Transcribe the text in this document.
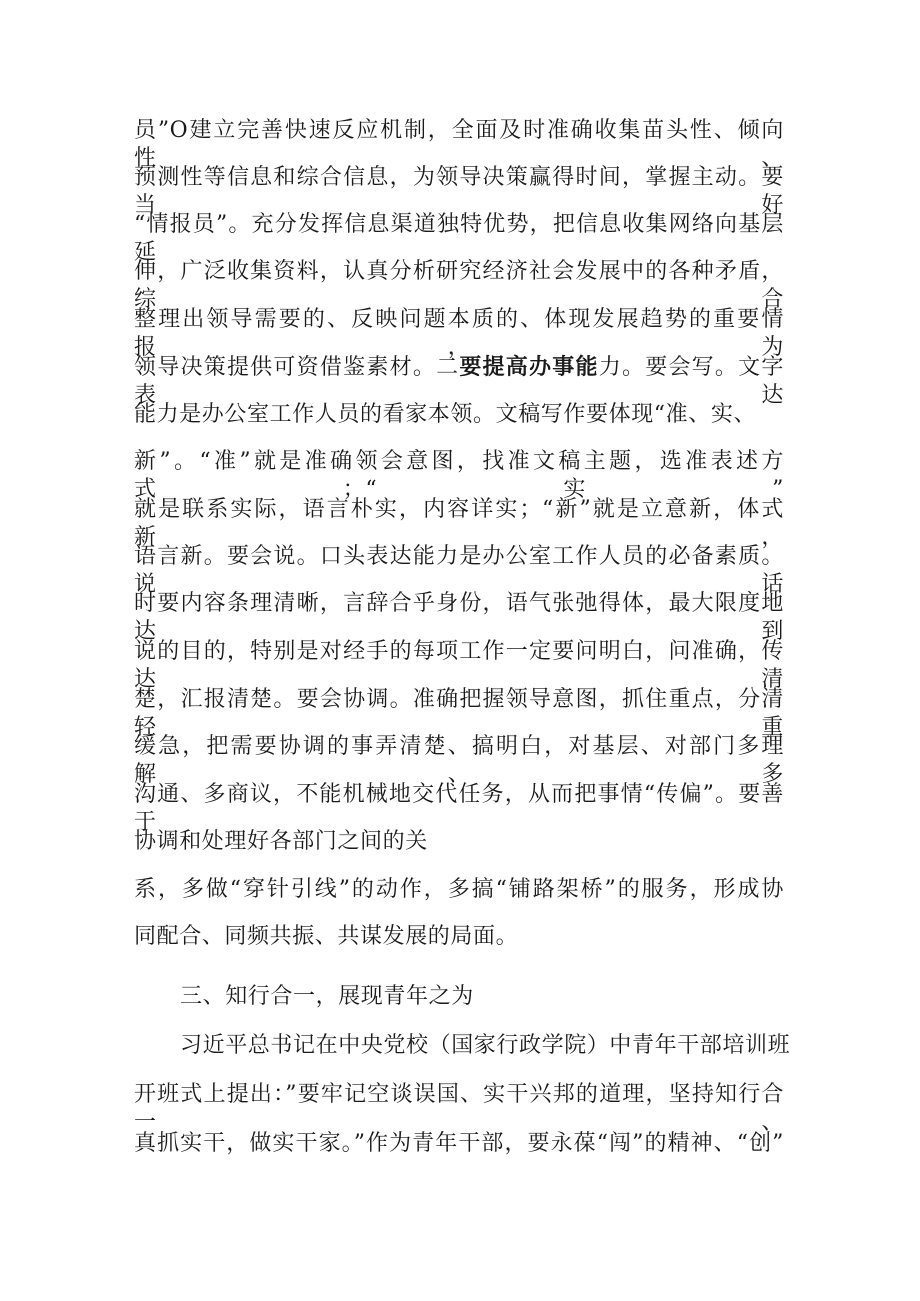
员”O建立完善快速反应机制，全面及时准确收集苗头性、倾向性、
预测性等信息和综合信息，为领导决策赢得时间，掌握主动。要当好
“情报员”。充分发挥信息渠道独特优势，把信息收集网络向基层延
伸，广泛收集资料，认真分析研究经济社会发展中的各种矛盾，综合
整理出领导需要的、反映问题本质的、体现发展趋势的重要情报，为
领导决策提供可资借鉴素材。二要提高办事能力。要会写。文字表达
能力是办公室工作人员的看家本领。文稿写作要体现“准、实、
新”。“准”就是准确领会意图，找准文稿主题，选准表述方式；“实”
就是联系实际，语言朴实，内容详实；“新”就是立意新，体式新，
语言新。要会说。口头表达能力是办公室工作人员的必备素质。说话
时要内容条理清晰，言辞合乎身份，语气张弛得体，最大限度地达到
说的目的，特别是对经手的每项工作一定要问明白，问准确，传达清
楚，汇报清楚。要会协调。准确把握领导意图，抓住重点，分清轻重
缓急，把需要协调的事弄清楚、搞明白，对基层、对部门多理解、多
沟通、多商议，不能机械地交代任务，从而把事情“传偏”。要善于
协调和处理好各部门之间的关
系，多做“穿针引线”的动作，多搞“铺路架桥”的服务，形成协
同配合、同频共振、共谋发展的局面。
三、知行合一，展现青年之为
习近平总书记在中央党校（国家行政学院）中青年干部培训班
开班式上提出：”要牢记空谈误国、实干兴邦的道理，坚持知行合一、
真抓实干，做实干家。”作为青年干部，要永葆“闯”的精神、“创”
